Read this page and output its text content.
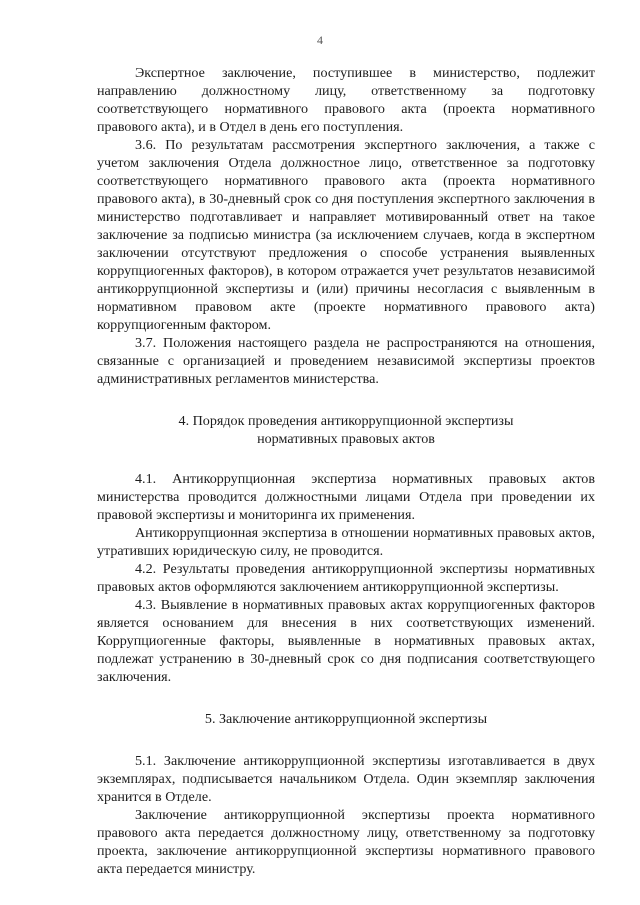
4

Экспертное заключение, поступившее в министерство, подлежит направлению должностному лицу, ответственному за подготовку соответствующего нормативного правового акта (проекта нормативного правового акта), и в Отдел в день его поступления.

3.6. По результатам рассмотрения экспертного заключения, а также с учетом заключения Отдела должностное лицо, ответственное за подготовку соответствующего нормативного правового акта (проекта нормативного правового акта), в 30-дневный срок со дня поступления экспертного заключения в министерство подготавливает и направляет мотивированный ответ на такое заключение за подписью министра (за исключением случаев, когда в экспертном заключении отсутствуют предложения о способе устранения выявленных коррупциогенных факторов), в котором отражается учет результатов независимой антикоррупционной экспертизы и (или) причины несогласия с выявленным в нормативном правовом акте (проекте нормативного правового акта) коррупциогенным фактором.

3.7. Положения настоящего раздела не распространяются на отношения, связанные с организацией и проведением независимой экспертизы проектов административных регламентов министерства.

4. Порядок проведения антикоррупционной экспертизы

нормативных правовых актов

4.1. Антикоррупционная экспертиза нормативных правовых актов министерства проводится должностными лицами Отдела при проведении их правовой экспертизы и мониторинга их применения.

Антикоррупционная экспертиза в отношении нормативных правовых актов, утративших юридическую силу, не проводится.

4.2. Результаты проведения антикоррупционной экспертизы нормативных правовых актов оформляются заключением антикоррупционной экспертизы.

4.3. Выявление в нормативных правовых актах коррупциогенных факторов является основанием для внесения в них соответствующих изменений. Коррупциогенные факторы, выявленные в нормативных правовых актах, подлежат устранению в 30-дневный срок со дня подписания соответствующего заключения.

5. Заключение антикоррупционной экспертизы

5.1. Заключение антикоррупционной экспертизы изготавливается в двух экземплярах, подписывается начальником Отдела. Один экземпляр заключения хранится в Отделе.

Заключение антикоррупционной экспертизы проекта нормативного правового акта передается должностному лицу, ответственному за подготовку проекта, заключение антикоррупционной экспертизы нормативного правового акта передается министру.
